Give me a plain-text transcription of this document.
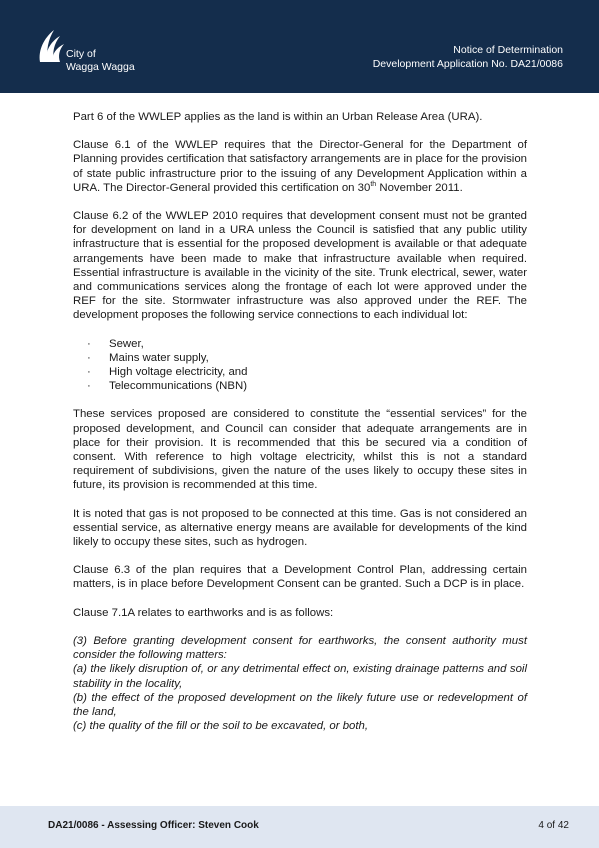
City of
Wagga Wagga
Notice of Determination
Development Application No. DA21/0086

Part 6 of the WWLEP applies as the land is within an Urban Release Area (URA).

Clause 6.1 of the WWLEP requires that the Director-General for the Department of Planning provides certification that satisfactory arrangements are in place for the provision of state public infrastructure prior to the issuing of any Development Application within a URA. The Director-General provided this certification on 30th November 2011.

Clause 6.2 of the WWLEP 2010 requires that development consent must not be granted for development on land in a URA unless the Council is satisfied that any public utility infrastructure that is essential for the proposed development is available or that adequate arrangements have been made to make that infrastructure available when required. Essential infrastructure is available in the vicinity of the site. Trunk electrical, sewer, water and communications services along the frontage of each lot were approved under the REF for the site. Stormwater infrastructure was also approved under the REF. The development proposes the following service connections to each individual lot:

· Sewer,
· Mains water supply,
· High voltage electricity, and
· Telecommunications (NBN)

These services proposed are considered to constitute the “essential services” for the proposed development, and Council can consider that adequate arrangements are in place for their provision. It is recommended that this be secured via a condition of consent. With reference to high voltage electricity, whilst this is not a standard requirement of subdivisions, given the nature of the uses likely to occupy these sites in future, its provision is recommended at this time.

It is noted that gas is not proposed to be connected at this time. Gas is not considered an essential service, as alternative energy means are available for developments of the kind likely to occupy these sites, such as hydrogen.

Clause 6.3 of the plan requires that a Development Control Plan, addressing certain matters, is in place before Development Consent can be granted. Such a DCP is in place.

Clause 7.1A relates to earthworks and is as follows:

(3) Before granting development consent for earthworks, the consent authority must consider the following matters:

(a) the likely disruption of, or any detrimental effect on, existing drainage patterns and soil stability in the locality,

(b) the effect of the proposed development on the likely future use or redevelopment of the land,

(c) the quality of the fill or the soil to be excavated, or both,

DA21/0086 - Assessing Officer: Steven Cook	4 of 42
